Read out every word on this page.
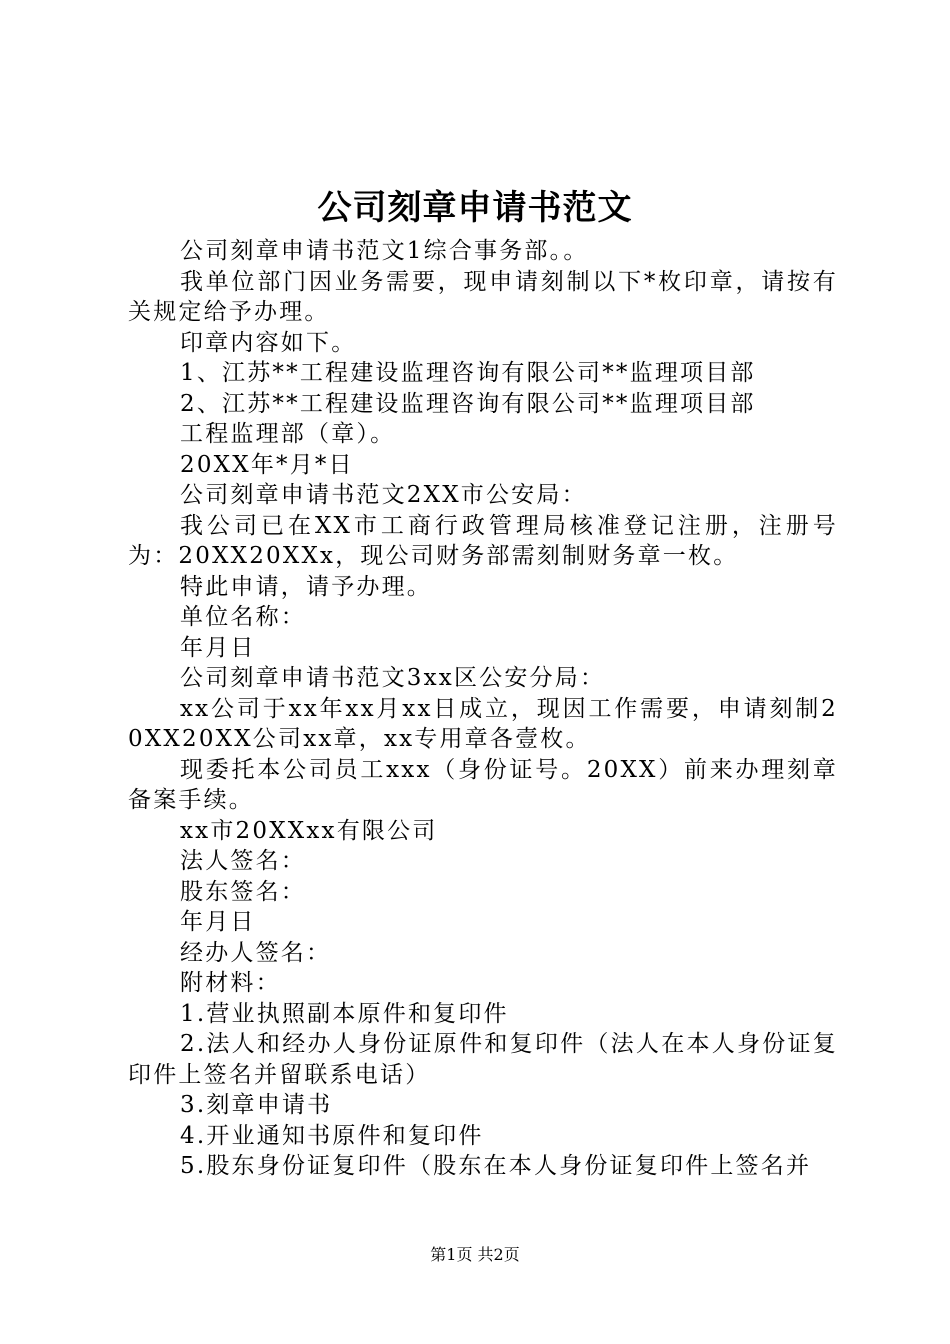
公司刻章申请书范文

公司刻章申请书范文1综合事务部。。

我单位部门因业务需要，现申请刻制以下*枚印章，请按有关规定给予办理。

印章内容如下。

1、江苏**工程建设监理咨询有限公司**监理项目部

2、江苏**工程建设监理咨询有限公司**监理项目部

工程监理部（章）。

20XX年*月*日

公司刻章申请书范文2XX市公安局：

我公司已在XX市工商行政管理局核准登记注册，注册号为：20XX20XXx，现公司财务部需刻制财务章一枚。

特此申请，请予办理。

单位名称：

年月日

公司刻章申请书范文3xx区公安分局：

xx公司于xx年xx月xx日成立，现因工作需要，申请刻制20XX20XX公司xx章，xx专用章各壹枚。

现委托本公司员工xxx（身份证号。20XX）前来办理刻章备案手续。

xx市20XXxx有限公司

法人签名：

股东签名：

年月日

经办人签名：

附材料：

1.营业执照副本原件和复印件

2.法人和经办人身份证原件和复印件（法人在本人身份证复印件上签名并留联系电话）

3.刻章申请书

4.开业通知书原件和复印件

5.股东身份证复印件（股东在本人身份证复印件上签名并

第1页 共2页
